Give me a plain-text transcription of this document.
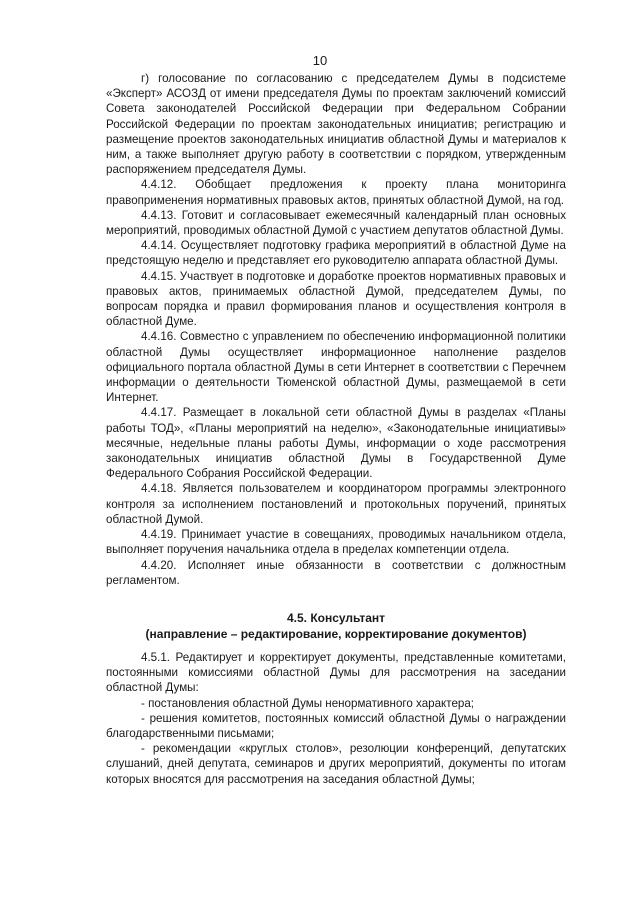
10

г) голосование по согласованию с председателем Думы в подсистеме «Эксперт» АСОЗД от имени председателя Думы по проектам заключений комиссий Совета законодателей Российской Федерации при Федеральном Собрании Российской Федерации по проектам законодательных инициатив; регистрацию и размещение проектов законодательных инициатив областной Думы и материалов к ним, а также выполняет другую работу в соответствии с порядком, утвержденным распоряжением председателя Думы.

4.4.12. Обобщает предложения к проекту плана мониторинга правоприменения нормативных правовых актов, принятых областной Думой, на год.

4.4.13. Готовит и согласовывает ежемесячный календарный план основных мероприятий, проводимых областной Думой с участием депутатов областной Думы.

4.4.14. Осуществляет подготовку графика мероприятий в областной Думе на предстоящую неделю и представляет его руководителю аппарата областной Думы.

4.4.15. Участвует в подготовке и доработке проектов нормативных правовых и правовых актов, принимаемых областной Думой, председателем Думы, по вопросам порядка и правил формирования планов и осуществления контроля в областной Думе.

4.4.16. Совместно с управлением по обеспечению информационной политики областной Думы осуществляет информационное наполнение разделов официального портала областной Думы в сети Интернет в соответствии с Перечнем информации о деятельности Тюменской областной Думы, размещаемой в сети Интернет.

4.4.17. Размещает в локальной сети областной Думы в разделах «Планы работы ТОД», «Планы мероприятий на неделю», «Законодательные инициативы» месячные, недельные планы работы Думы, информации о ходе рассмотрения законодательных инициатив областной Думы в Государственной Думе Федерального Собрания Российской Федерации.

4.4.18. Является пользователем и координатором программы электронного контроля за исполнением постановлений и протокольных поручений, принятых областной Думой.

4.4.19. Принимает участие в совещаниях, проводимых начальником отдела, выполняет поручения начальника отдела в пределах компетенции отдела.

4.4.20. Исполняет иные обязанности в соответствии с должностным регламентом.

4.5. Консультант
(направление – редактирование, корректирование документов)

4.5.1. Редактирует и корректирует документы, представленные комитетами, постоянными комиссиями областной Думы для рассмотрения на заседании областной Думы:

- постановления областной Думы ненормативного характера;

- решения комитетов, постоянных комиссий областной Думы о награждении благодарственными письмами;

- рекомендации «круглых столов», резолюции конференций, депутатских слушаний, дней депутата, семинаров и других мероприятий, документы по итогам которых вносятся для рассмотрения на заседания областной Думы;
